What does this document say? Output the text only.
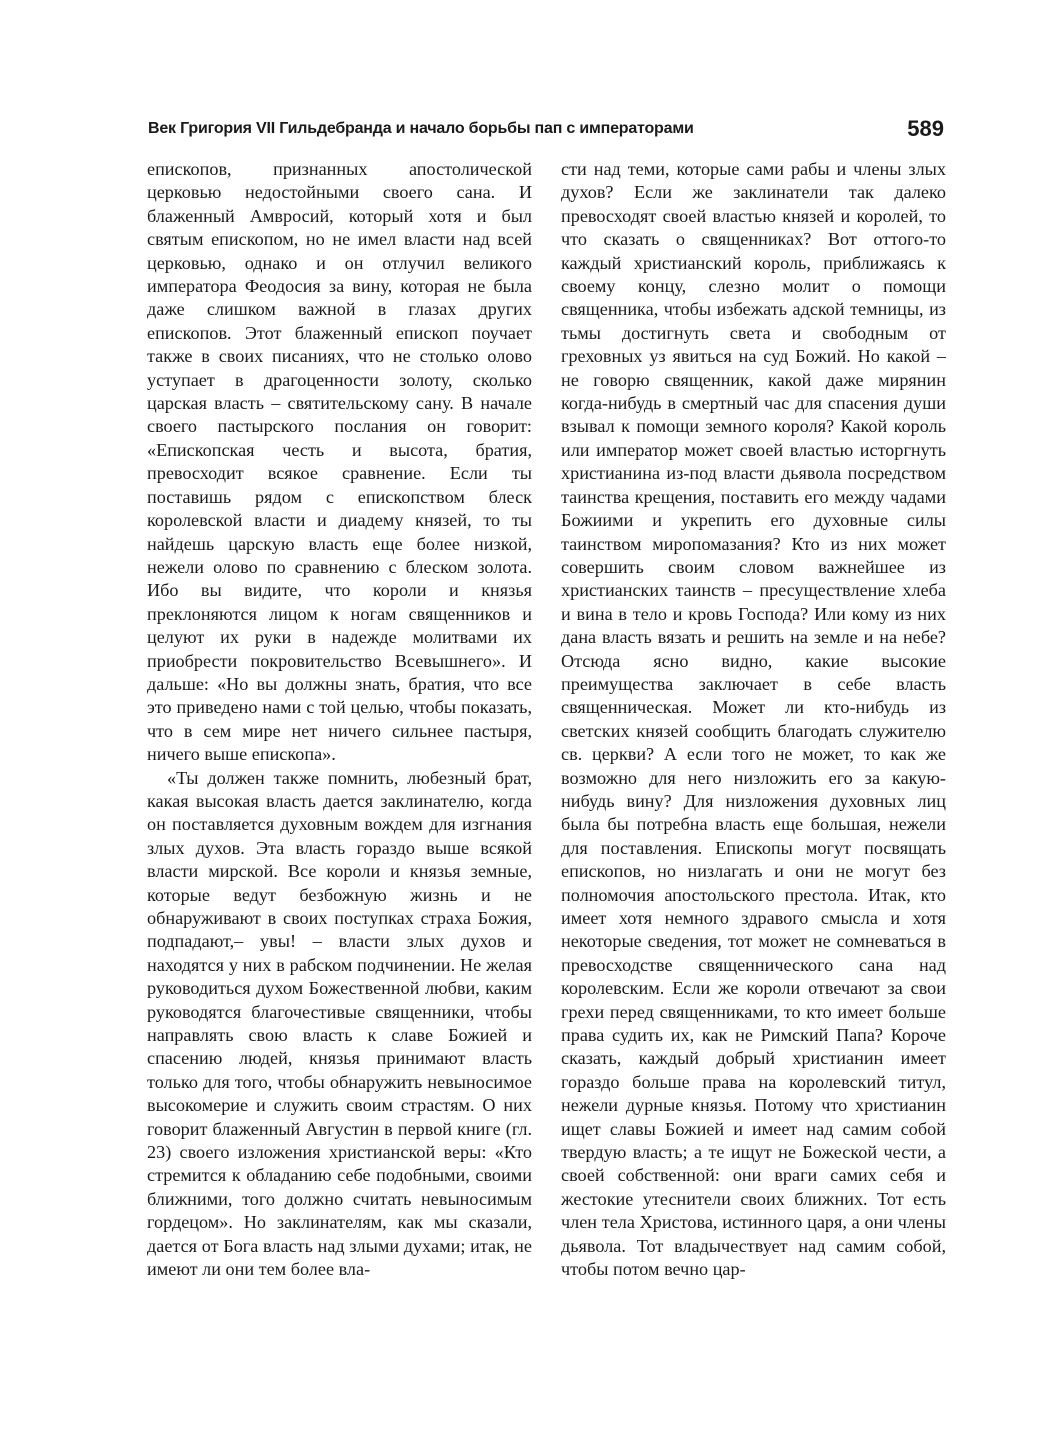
Век Григория VII Гильдебранда и начало борьбы пап с императорами	589

епископов, признанных апостолической церковью недостойными своего сана. И блаженный Амвросий, который хотя и был святым епископом, но не имел власти над всей церковью, однако и он отлучил великого императора Феодосия за вину, которая не была даже слишком важной в глазах других епископов. Этот блаженный епископ поучает также в своих писаниях, что не столько олово уступает в драгоценности золоту, сколько царская власть – святительскому сану. В начале своего пастырского послания он говорит: «Епископская честь и высота, братия, превосходит всякое сравнение. Если ты поставишь рядом с епископством блеск королевской власти и диадему князей, то ты найдешь царскую власть еще более низкой, нежели олово по сравнению с блеском золота. Ибо вы видите, что короли и князья преклоняются лицом к ногам священников и целуют их руки в надежде молитвами их приобрести покровительство Всевышнего». И дальше: «Но вы должны знать, братия, что все это приведено нами с той целью, чтобы показать, что в сем мире нет ничего сильнее пастыря, ничего выше епископа».

«Ты должен также помнить, любезный брат, какая высокая власть дается заклинателю, когда он поставляется духовным вождем для изгнания злых духов. Эта власть гораздо выше всякой власти мирской. Все короли и князья земные, которые ведут безбожную жизнь и не обнаруживают в своих поступках страха Божия, подпадают,– увы! – власти злых духов и находятся у них в рабском подчинении. Не желая руководиться духом Божественной любви, каким руководятся благочестивые священники, чтобы направлять свою власть к славе Божией и спасению людей, князья принимают власть только для того, чтобы обнаружить невыносимое высокомерие и служить своим страстям. О них говорит блаженный Августин в первой книге (гл. 23) своего изложения христианской веры: «Кто стремится к обладанию себе подобными, своими ближними, того должно считать невыносимым гордецом». Но заклинателям, как мы сказали, дается от Бога власть над злыми духами; итак, не имеют ли они тем более вла-

сти над теми, которые сами рабы и члены злых духов? Если же заклинатели так далеко превосходят своей властью князей и королей, то что сказать о священниках? Вот оттого-то каждый христианский король, приближаясь к своему концу, слезно молит о помощи священника, чтобы избежать адской темницы, из тьмы достигнуть света и свободным от греховных уз явиться на суд Божий. Но какой – не говорю священник, какой даже мирянин когда-нибудь в смертный час для спасения души взывал к помощи земного короля? Какой король или император может своей властью исторгнуть христианина из-под власти дьявола посредством таинства крещения, поставить его между чадами Божиими и укрепить его духовные силы таинством миропомазания? Кто из них может совершить своим словом важнейшее из христианских таинств – пресуществление хлеба и вина в тело и кровь Господа? Или кому из них дана власть вязать и решить на земле и на небе? Отсюда ясно видно, какие высокие преимущества заключает в себе власть священническая. Может ли кто-нибудь из светских князей сообщить благодать служителю св. церкви? А если того не может, то как же возможно для него низложить его за какую-нибудь вину? Для низложения духовных лиц была бы потребна власть еще большая, нежели для поставления. Епископы могут посвящать епископов, но низлагать и они не могут без полномочия апостольского престола. Итак, кто имеет хотя немного здравого смысла и хотя некоторые сведения, тот может не сомневаться в превосходстве священнического сана над королевским. Если же короли отвечают за свои грехи перед священниками, то кто имеет больше права судить их, как не Римский Папа? Короче сказать, каждый добрый христианин имеет гораздо больше права на королевский титул, нежели дурные князья. Потому что христианин ищет славы Божией и имеет над самим собой твердую власть; а те ищут не Божеской чести, а своей собственной: они враги самих себя и жестокие утеснители своих ближних. Тот есть член тела Христова, истинного царя, а они члены дьявола. Тот владычествует над самим собой, чтобы потом вечно цар-
